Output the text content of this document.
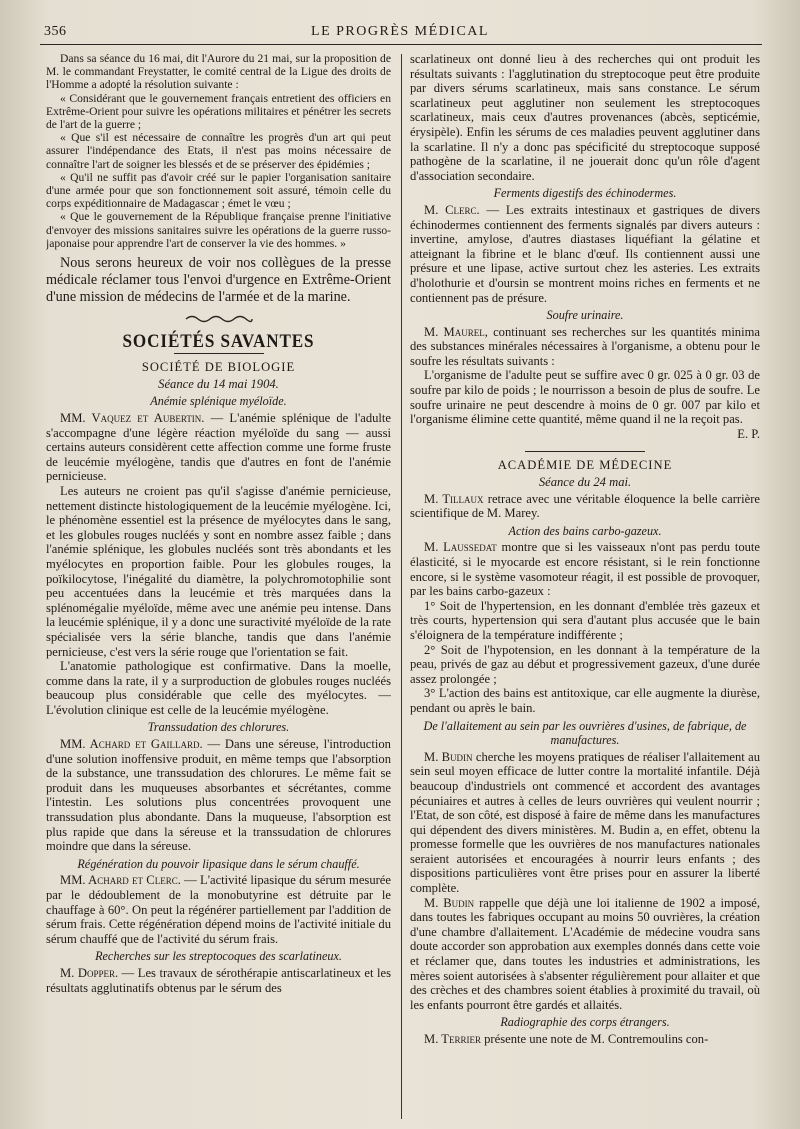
356	LE PROGRÈS MÉDICAL

Dans sa séance du 16 mai, dit l'Aurore du 21 mai, sur la proposition de M. le commandant Freystatter, le comité central de la Ligue des droits de l'Homme a adopté la résolution suivante :

« Considérant que le gouvernement français entretient des officiers en Extrême-Orient pour suivre les opérations militaires et pénétrer les secrets de l'art de la guerre ;

« Que s'il est nécessaire de connaître les progrès d'un art qui peut assurer l'indépendance des Etats, il n'est pas moins nécessaire de connaître l'art de soigner les blessés et de se préserver des épidémies ;

« Qu'il ne suffit pas d'avoir créé sur le papier l'organisation sanitaire d'une armée pour que son fonctionnement soit assuré, témoin celle du corps expéditionnaire de Madagascar ; émet le vœu ;

« Que le gouvernement de la République française prenne l'initiative d'envoyer des missions sanitaires suivre les opérations de la guerre russo-japonaise pour apprendre l'art de conserver la vie des hommes. »

Nous serons heureux de voir nos collègues de la presse médicale réclamer tous l'envoi d'urgence en Extrême-Orient d'une mission de médecins de l'armée et de la marine.

SOCIÉTÉS SAVANTES
SOCIÉTÉ DE BIOLOGIE
Séance du 14 mai 1904.
Anémie splénique myéloïde.

MM. Vaquez et Aubertin. — L'anémie splénique de l'adulte s'accompagne d'une légère réaction myéloïde du sang — aussi certains auteurs considèrent cette affection comme une forme fruste de leucémie myélogène, tandis que d'autres en font de l'anémie pernicieuse.

Les auteurs ne croient pas qu'il s'agisse d'anémie pernicieuse, nettement distincte histologiquement de la leucémie myélogène. Ici, le phénomène essentiel est la présence de myélocytes dans le sang, et les globules rouges nucléés y sont en nombre assez faible ; dans l'anémie splénique, les globules nucléés sont très abondants et les myélocytes en proportion faible. Pour les globules rouges, la poïkilocytose, l'inégalité du diamètre, la polychromotophilie sont peu accentuées dans la leucémie et très marquées dans la splénomégalie myéloïde, même avec une anémie peu intense. Dans la leucémie splénique, il y a donc une suractivité myéloïde de la rate spécialisée vers la série blanche, tandis que dans l'anémie pernicieuse, c'est vers la série rouge que l'orientation se fait.

L'anatomie pathologique est confirmative. Dans la moelle, comme dans la rate, il y a surproduction de globules rouges nucléés beaucoup plus considérable que celle des myélocytes. — L'évolution clinique est celle de la leucémie myélogène.

Transsudation des chlorures.

MM. Achard et Gaillard. — Dans une séreuse, l'introduction d'une solution inoffensive produit, en même temps que l'absorption de la substance, une transsudation des chlorures. Le même fait se produit dans les muqueuses absorbantes et sécrétantes, comme l'intestin. Les solutions plus concentrées provoquent une transsudation plus abondante. Dans la muqueuse, l'absorption est plus rapide que dans la séreuse et la transsudation de chlorures moindre que dans la séreuse.

Régénération du pouvoir lipasique dans le sérum chauffé.

MM. Achard et Clerc. — L'activité lipasique du sérum mesurée par le dédoublement de la monobutyrine est détruite par le chauffage à 60°. On peut la régénérer partiellement par l'addition de sérum frais. Cette régénération dépend moins de l'activité initiale du sérum chauffé que de l'activité du sérum frais.

Recherches sur les streptocoques des scarlatineux.

M. Dopper. — Les travaux de sérothérapie antiscarlatineux et les résultats agglutinatifs obtenus par le sérum des

scarlatineux ont donné lieu à des recherches qui ont produit les résultats suivants : l'agglutination du streptocoque peut être produite par divers sérums scarlatineux, mais sans constance. Le sérum scarlatineux peut agglutiner non seulement les streptocoques scarlatineux, mais ceux d'autres provenances (abcès, septicémie, érysipèle). Enfin les sérums de ces maladies peuvent agglutiner dans la scarlatine. Il n'y a donc pas spécificité du streptocoque supposé pathogène de la scarlatine, il ne jouerait donc qu'un rôle d'agent d'association secondaire.

Ferments digestifs des échinodermes.

M. Clerc. — Les extraits intestinaux et gastriques de divers échinodermes contiennent des ferments signalés par divers auteurs : invertine, amylose, d'autres diastases liquéfiant la gélatine et atteignant la fibrine et le blanc d'œuf. Ils contiennent aussi une présure et une lipase, active surtout chez les asteries. Les extraits d'holothurie et d'oursin se montrent moins riches en ferments et ne contiennent pas de présure.

Soufre urinaire.

M. Maurel, continuant ses recherches sur les quantités minima des substances minérales nécessaires à l'organisme, a obtenu pour le soufre les résultats suivants :

L'organisme de l'adulte peut se suffire avec 0 gr. 025 à 0 gr. 03 de soufre par kilo de poids ; le nourrisson a besoin de plus de soufre. Le soufre urinaire ne peut descendre à moins de 0 gr. 007 par kilo et l'organisme élimine cette quantité, même quand il ne la reçoit pas.

E. P.
ACADÉMIE DE MÉDECINE
Séance du 24 mai.

M. Tillaux retrace avec une véritable éloquence la belle carrière scientifique de M. Marey.

Action des bains carbo-gazeux.

M. Laussedat montre que si les vaisseaux n'ont pas perdu toute élasticité, si le myocarde est encore résistant, si le rein fonctionne encore, si le système vasomoteur réagit, il est possible de provoquer, par les bains carbo-gazeux :

1° Soit de l'hypertension, en les donnant d'emblée très gazeux et très courts, hypertension qui sera d'autant plus accusée que le bain s'éloignera de la température indifférente ;

2° Soit de l'hypotension, en les donnant à la température de la peau, privés de gaz au début et progressivement gazeux, d'une durée assez prolongée ;

3° L'action des bains est antitoxique, car elle augmente la diurèse, pendant ou après le bain.

De l'allaitement au sein par les ouvrières d'usines, de fabrique, de manufactures.

M. Budin cherche les moyens pratiques de réaliser l'allaitement au sein seul moyen efficace de lutter contre la mortalité infantile. Déjà beaucoup d'industriels ont commencé et accordent des avantages pécuniaires et autres à celles de leurs ouvrières qui veulent nourrir ; l'Etat, de son côté, est disposé à faire de même dans les manufactures qui dépendent des divers ministères. M. Budin a, en effet, obtenu la promesse formelle que les ouvrières de nos manufactures nationales seraient autorisées et encouragées à nourrir leurs enfants ; des dispositions particulières vont être prises pour en assurer la liberté complète.

M. Budin rappelle que déjà une loi italienne de 1902 a imposé, dans toutes les fabriques occupant au moins 50 ouvrières, la création d'une chambre d'allaitement. L'Académie de médecine voudra sans doute accorder son approbation aux exemples donnés dans cette voie et réclamer que, dans toutes les industries et administrations, les mères soient autorisées à s'absenter régulièrement pour allaiter et que des crèches et des chambres soient établies à proximité du travail, où les enfants pourront être gardés et allaités.

Radiographie des corps étrangers.

M. Terrier présente une note de M. Contremoulins con-
